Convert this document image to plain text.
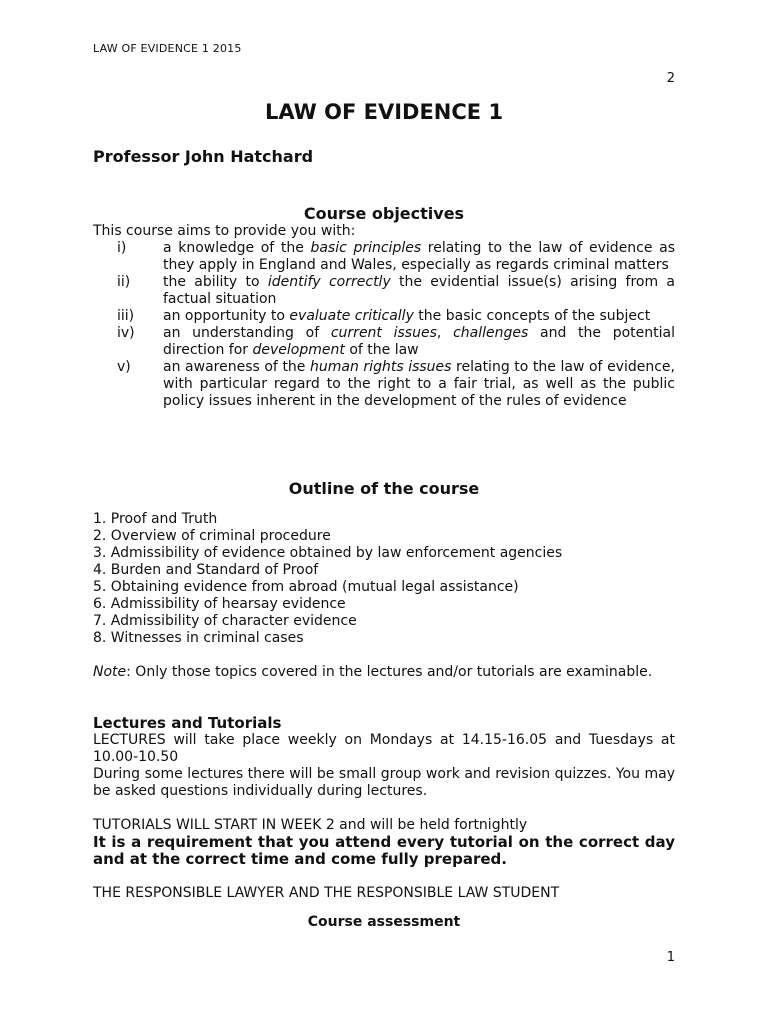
LAW OF EVIDENCE 1 2015
2
LAW OF EVIDENCE 1
Professor John Hatchard
Course objectives
This course aims to provide you with:
i)	a knowledge of the basic principles relating to the law of evidence as they apply in England and Wales, especially as regards criminal matters
ii)	the ability to identify correctly the evidential issue(s) arising from a factual situation
iii)	an opportunity to evaluate critically the basic concepts of the subject
iv)	an understanding of current issues, challenges and the potential direction for development of the law
v)	an awareness of the human rights issues relating to the law of evidence, with particular regard to the right to a fair trial, as well as the public policy issues inherent in the development of the rules of evidence
Outline of the course
1. Proof and Truth
2. Overview of criminal procedure
3. Admissibility of evidence obtained by law enforcement agencies
4. Burden and Standard of Proof
5. Obtaining evidence from abroad (mutual legal assistance)
6. Admissibility of hearsay evidence
7. Admissibility of character evidence
8. Witnesses in criminal cases

Note: Only those topics covered in the lectures and/or tutorials are examinable.

Lectures and Tutorials

LECTURES will take place weekly on Mondays at 14.15-16.05 and Tuesdays at 10.00-10.50

During some lectures there will be small group work and revision quizzes. You may be asked questions individually during lectures.

TUTORIALS WILL START IN WEEK 2 and will be held fortnightly

It is a requirement that you attend every tutorial on the correct day and at the correct time and come fully prepared.

THE RESPONSIBLE LAWYER AND THE RESPONSIBLE LAW STUDENT

Course assessment

1
